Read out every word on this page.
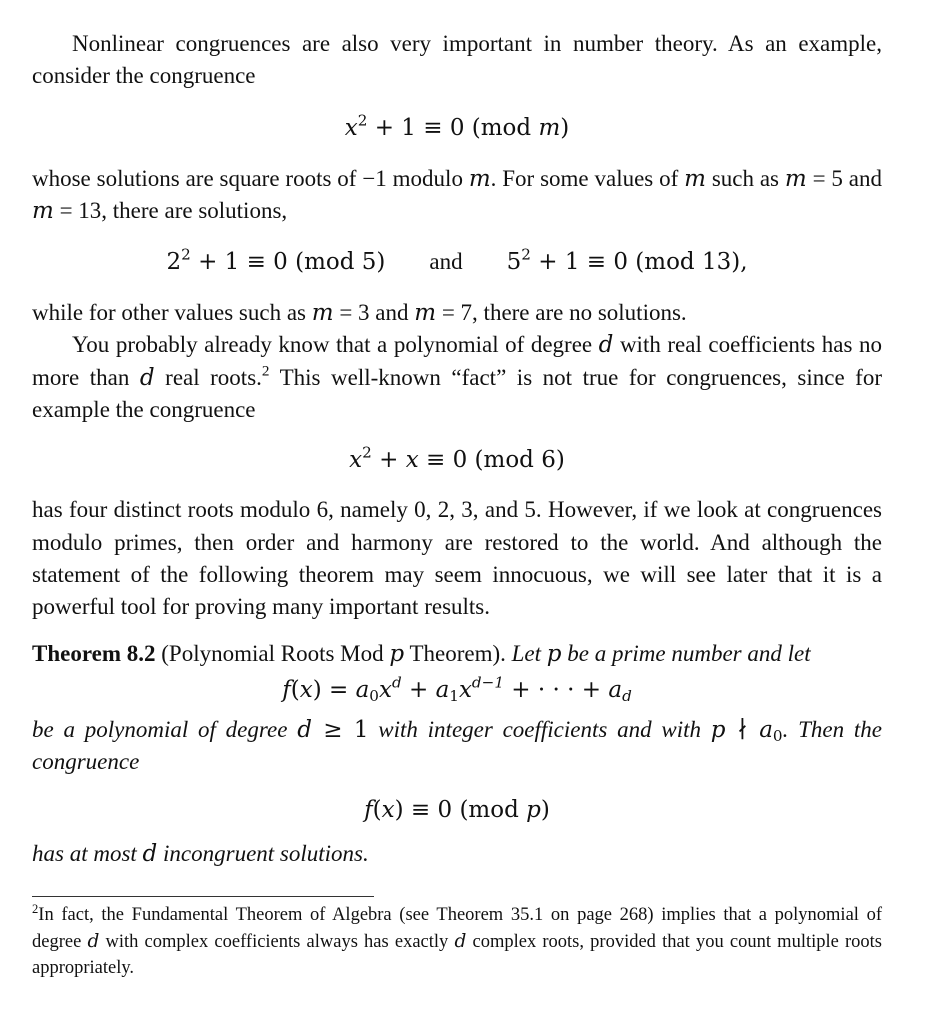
Nonlinear congruences are also very important in number theory. As an example, consider the congruence

$x^2 + 1 \equiv 0$ (mod m)

whose solutions are square roots of −1 modulo m. For some values of m such as m = 5 and m = 13, there are solutions,

$2^2 + 1 \equiv 0$ (mod 5) and $5^2 + 1 \equiv 0$ (mod 13),

while for other values such as m = 3 and m = 7, there are no solutions.

You probably already know that a polynomial of degree d with real coefficients has no more than d real roots.$^2$ This well-known “fact” is not true for congruences, since for example the congruence

$x^2 + x \equiv 0$ (mod 6)

has four distinct roots modulo 6, namely 0, 2, 3, and 5. However, if we look at congruences modulo primes, then order and harmony are restored to the world. And although the statement of the following theorem may seem innocuous, we will see later that it is a powerful tool for proving many important results.

Theorem 8.2 (Polynomial Roots Mod p Theorem). Let p be a prime number and let

$f(x) = a_0x^d + a_1x^{d-1}$ + · · · + $a_d$

be a polynomial of degree d ≥ 1 with integer coefficients and with p ∤ $a_0$. Then the congruence

f(x) ≡ 0 (mod p)

has at most d incongruent solutions.

$^2$In fact, the Fundamental Theorem of Algebra (see Theorem 35.1 on page 268) implies that a polynomial of degree d with complex coefficients always has exactly d complex roots, provided that you count multiple roots appropriately.
